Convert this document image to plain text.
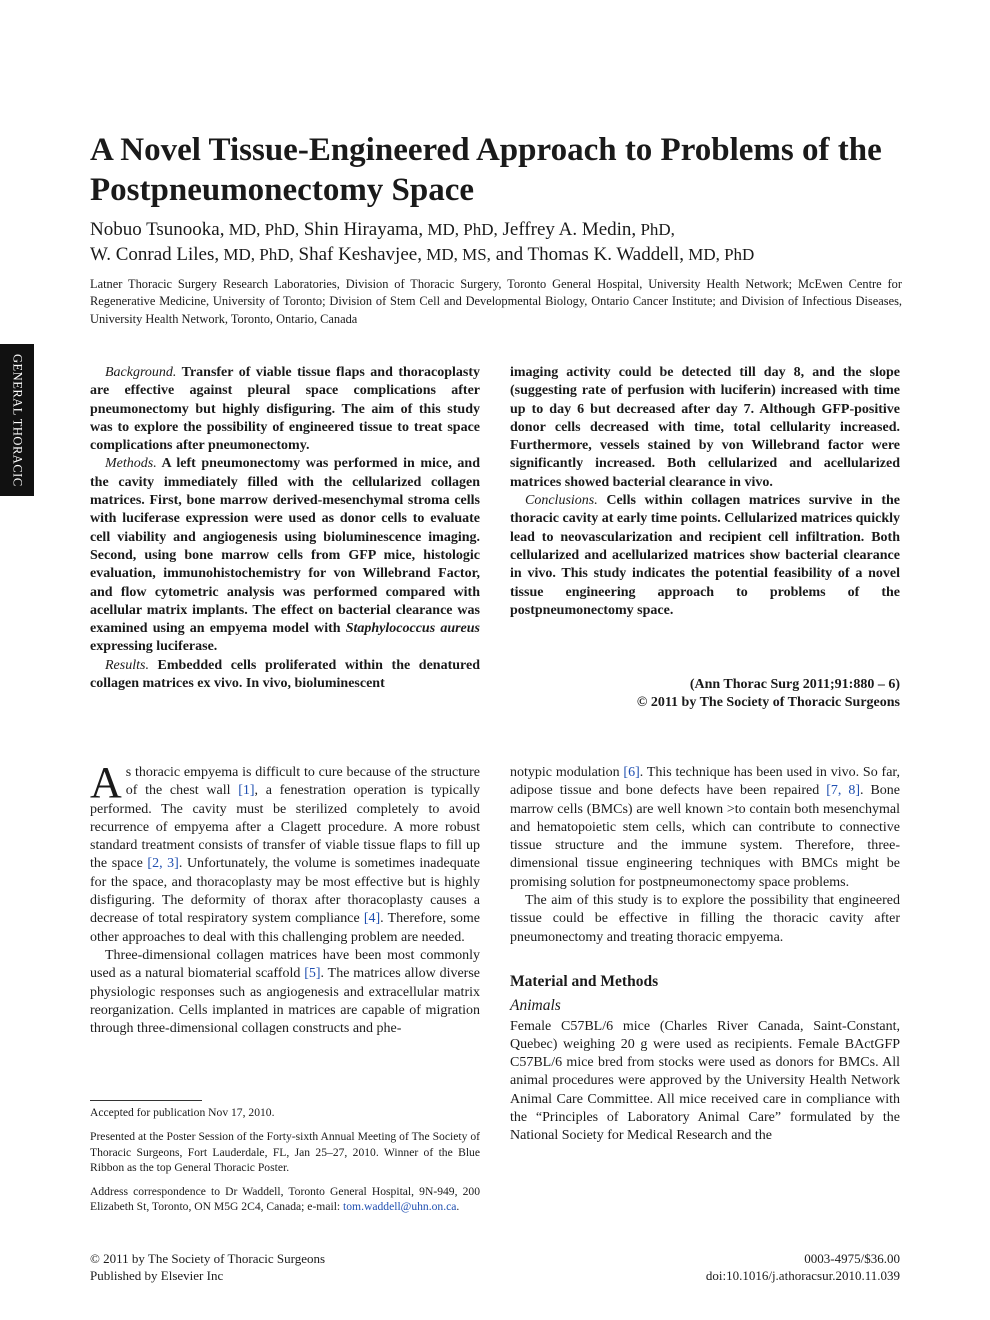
GENERAL THORACIC
A Novel Tissue-Engineered Approach to Problems of the Postpneumonectomy Space
Nobuo Tsunooka, MD, PhD, Shin Hirayama, MD, PhD, Jeffrey A. Medin, PhD,
W. Conrad Liles, MD, PhD, Shaf Keshavjee, MD, MS, and Thomas K. Waddell, MD, PhD
Latner Thoracic Surgery Research Laboratories, Division of Thoracic Surgery, Toronto General Hospital, University Health Network; McEwen Centre for Regenerative Medicine, University of Toronto; Division of Stem Cell and Developmental Biology, Ontario Cancer Institute; and Division of Infectious Diseases, University Health Network, Toronto, Ontario, Canada

Background. Transfer of viable tissue flaps and thoracoplasty are effective against pleural space complications after pneumonectomy but highly disfiguring. The aim of this study was to explore the possibility of engineered tissue to treat space complications after pneumonectomy.

Methods. A left pneumonectomy was performed in mice, and the cavity immediately filled with the cellularized collagen matrices. First, bone marrow derived-mesenchymal stroma cells with luciferase expression were used as donor cells to evaluate cell viability and angiogenesis using bioluminescence imaging. Second, using bone marrow cells from GFP mice, histologic evaluation, immunohistochemistry for von Willebrand Factor, and flow cytometric analysis was performed compared with acellular matrix implants. The effect on bacterial clearance was examined using an empyema model with Staphylococcus aureus expressing luciferase.

Results. Embedded cells proliferated within the denatured collagen matrices ex vivo. In vivo, bioluminescent

imaging activity could be detected till day 8, and the slope (suggesting rate of perfusion with luciferin) increased with time up to day 6 but decreased after day 7. Although GFP-positive donor cells decreased with time, total cellularity increased. Furthermore, vessels stained by von Willebrand factor were significantly increased. Both cellularized and acellularized matrices showed bacterial clearance in vivo.

Conclusions. Cells within collagen matrices survive in the thoracic cavity at early time points. Cellularized matrices quickly lead to neovascularization and recipient cell infiltration. Both cellularized and acellularized matrices show bacterial clearance in vivo. This study indicates the potential feasibility of a novel tissue engineering approach to problems of the postpneumonectomy space.

(Ann Thorac Surg 2011;91:880 – 6)
© 2011 by The Society of Thoracic Surgeons

As thoracic empyema is difficult to cure because of the structure of the chest wall [1], a fenestration operation is typically performed. The cavity must be sterilized completely to avoid recurrence of empyema after a Clagett procedure. A more robust standard treatment consists of transfer of viable tissue flaps to fill up the space [2, 3]. Unfortunately, the volume is sometimes inadequate for the space, and thoracoplasty may be most effective but is highly disfiguring. The deformity of thorax after thoracoplasty causes a decrease of total respiratory system compliance [4]. Therefore, some other approaches to deal with this challenging problem are needed.

Three-dimensional collagen matrices have been most commonly used as a natural biomaterial scaffold [5]. The matrices allow diverse physiologic responses such as angiogenesis and extracellular matrix reorganization. Cells implanted in matrices are capable of migration through three-dimensional collagen constructs and phe-

notypic modulation [6]. This technique has been used in vivo. So far, adipose tissue and bone defects have been repaired [7, 8]. Bone marrow cells (BMCs) are well known >to contain both mesenchymal and hematopoietic stem cells, which can contribute to connective tissue structure and the immune system. Therefore, three-dimensional tissue engineering techniques with BMCs might be promising solution for postpneumonectomy space problems.

The aim of this study is to explore the possibility that engineered tissue could be effective in filling the thoracic cavity after pneumonectomy and treating thoracic empyema.

Material and Methods
Animals

Female C57BL/6 mice (Charles River Canada, Saint-Constant, Quebec) weighing 20 g were used as recipients. Female BActGFP C57BL/6 mice bred from stocks were used as donors for BMCs. All animal procedures were approved by the University Health Network Animal Care Committee. All mice received care in compliance with the “Principles of Laboratory Animal Care” formulated by the National Society for Medical Research and the

Accepted for publication Nov 17, 2010.

Presented at the Poster Session of the Forty-sixth Annual Meeting of The Society of Thoracic Surgeons, Fort Lauderdale, FL, Jan 25–27, 2010. Winner of the Blue Ribbon as the top General Thoracic Poster.

Address correspondence to Dr Waddell, Toronto General Hospital, 9N-949, 200 Elizabeth St, Toronto, ON M5G 2C4, Canada; e-mail: tom.waddell@uhn.on.ca.

© 2011 by The Society of Thoracic Surgeons
Published by Elsevier Inc
0003-4975/$36.00
doi:10.1016/j.athoracsur.2010.11.039
